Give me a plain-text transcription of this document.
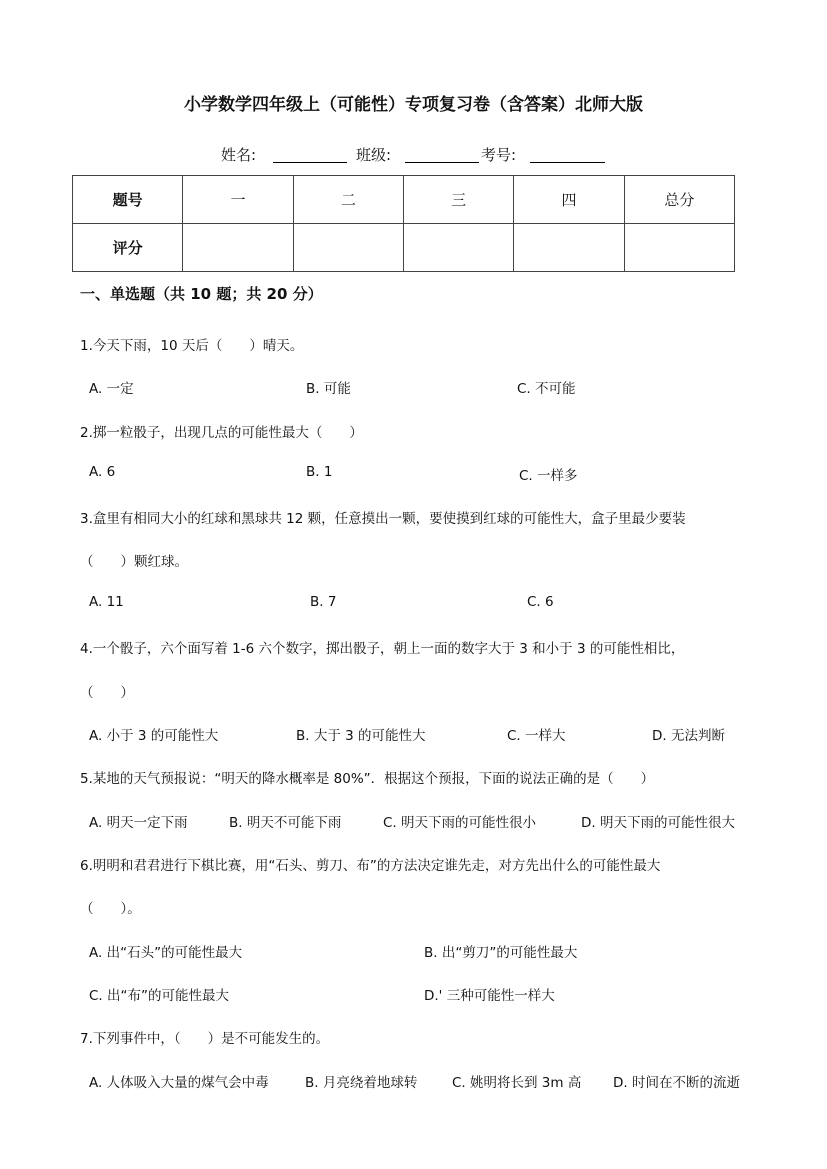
小学数学四年级上（可能性）专项复习卷（含答案）北师大版
姓名:	班级:	考号:
题号	一	二	三	四	总分
评分					
一、单选题（共 10 题；共 20 分）
1.今天下雨，10 天后（　　）晴天。
A. 一定	B. 可能	C. 不可能
2.掷一粒骰子，出现几点的可能性最大（　　）
A. 6	B. 1	C. 一样多
3.盒里有相同大小的红球和黑球共 12 颗，任意摸出一颗，要使摸到红球的可能性大，盒子里最少要装
（　　）颗红球。
A. 11	B. 7	C. 6
4.一个骰子，六个面写着 1-6 六个数字，掷出骰子，朝上一面的数字大于 3 和小于 3 的可能性相比，
（　　）
A. 小于 3 的可能性大	B. 大于 3 的可能性大	C. 一样大	D. 无法判断
5.某地的天气预报说：“明天的降水概率是 80%”．根据这个预报，下面的说法正确的是（　　）
A. 明天一定下雨	B. 明天不可能下雨	C. 明天下雨的可能性很小	D. 明天下雨的可能性很大
6.明明和君君进行下棋比赛，用“石头、剪刀、布”的方法决定谁先走，对方先出什么的可能性最大
（　　）。
A. 出“石头”的可能性最大	B. 出“剪刀”的可能性最大
C. 出“布”的可能性最大	D.' 三种可能性一样大
7.下列事件中，（　　）是不可能发生的。
A. 人体吸入大量的煤气会中毒	B. 月亮绕着地球转	C. 姚明将长到 3m 高 D. 时间在不断的流逝
